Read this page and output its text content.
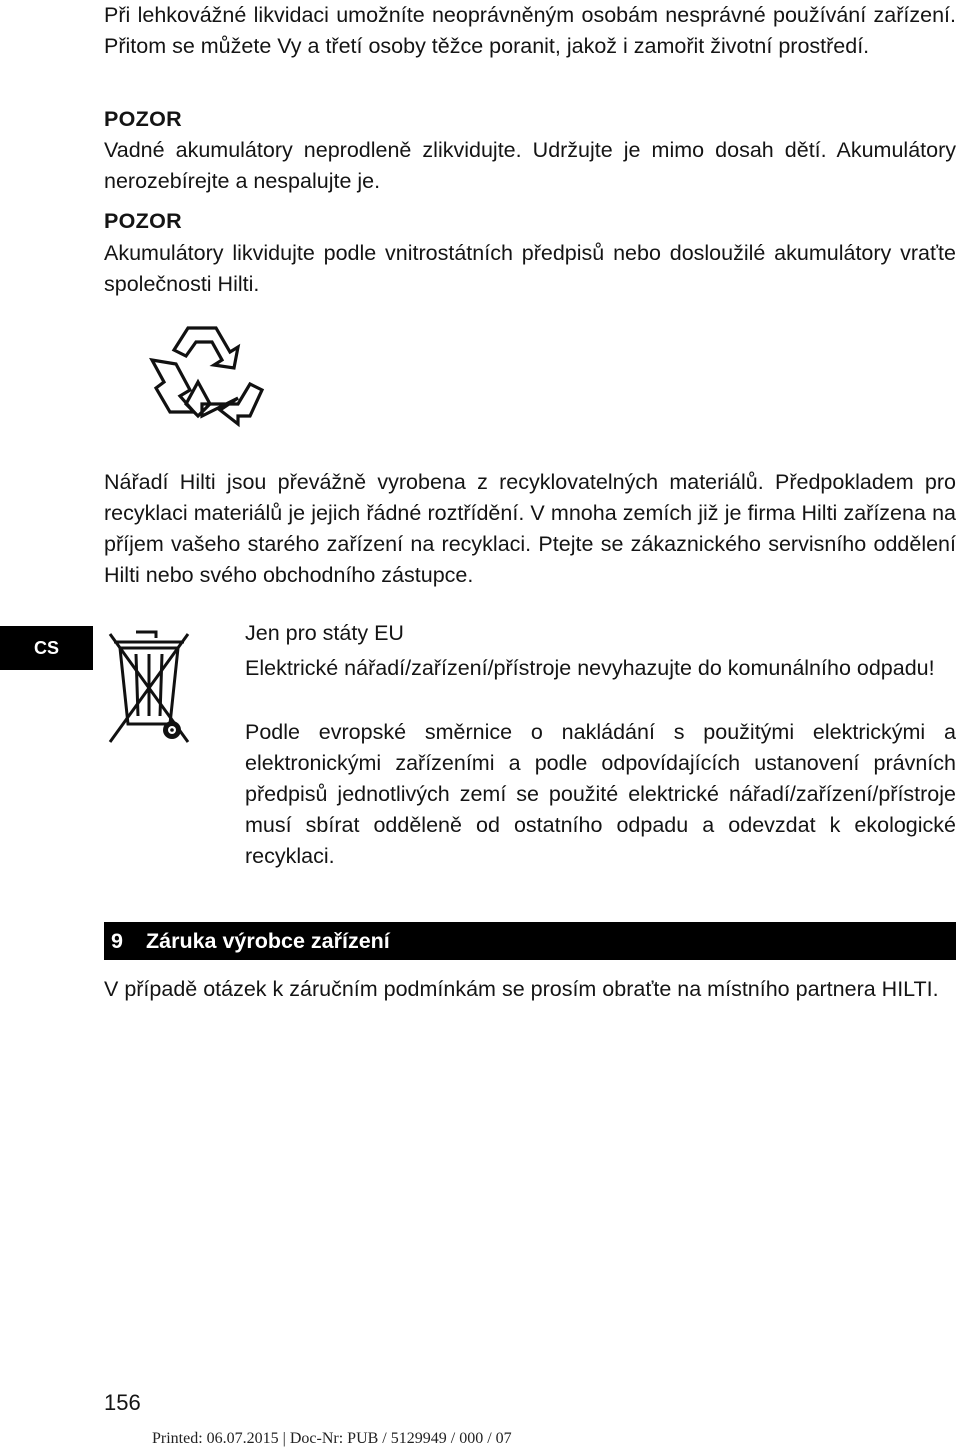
Při lehkovážné likvidaci umožníte neoprávněným osobám nesprávné používání zařízení. Přitom se můžete Vy a třetí osoby těžce poranit, jakož i zamořit životní prostředí.

POZOR

Vadné akumulátory neprodleně zlikvidujte. Udržujte je mimo dosah dětí. Akumulátory nerozebírejte a nespalujte je.

POZOR

Akumulátory likvidujte podle vnitrostátních předpisů nebo dosloužilé akumulátory vraťte společnosti Hilti.

Nářadí Hilti jsou převážně vyrobena z recyklovatelných materiálů. Předpokladem pro recyklaci materiálů je jejich řádné roztřídění. V mnoha zemích již je firma Hilti zařízena na příjem vašeho starého zařízení na recyklaci. Ptejte se zákaznického servisního oddělení Hilti nebo svého obchodního zástupce.

CS

Jen pro státy EU

Elektrické nářadí/zařízení/přístroje nevyhazujte do komunálního odpadu!

Podle evropské směrnice o nakládání s použitými elektrickými a elektronickými zařízeními a podle odpovídajících ustanovení právních předpisů jednotlivých zemí se použité elektrické nářadí/zařízení/přístroje musí sbírat odděleně od ostatního odpadu a odevzdat k ekologické recyklaci.

9	Záruka výrobce zařízení

V případě otázek k záručním podmínkám se prosím obraťte na místního partnera HILTI.

156
Printed: 06.07.2015 | Doc-Nr: PUB / 5129949 / 000 / 07
